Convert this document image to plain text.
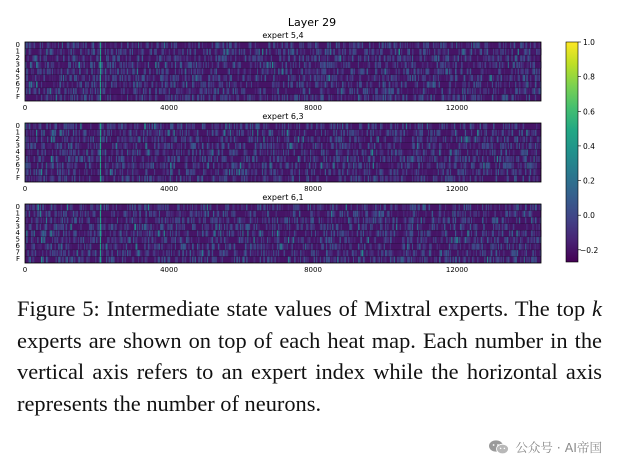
Layer 29
expert 5,4
0
1
2
3
4
5
6
7
F
0	4000	8000	12000
expert 6,3
0
1
2
3
4
5
6
7
F
0	4000	8000	12000
expert 6,1
0
1
2
3
4
5
6
7
F
0	4000	8000	12000
1.0
0.8
0.6
0.4
0.2
0.0
−0.2
Figure 5: Intermediate state values of Mixtral experts. The top k experts are shown on top of each heat map. Each number in the vertical axis refers to an expert index while the horizontal axis represents the number of neurons.
公众号 · AI帝国
